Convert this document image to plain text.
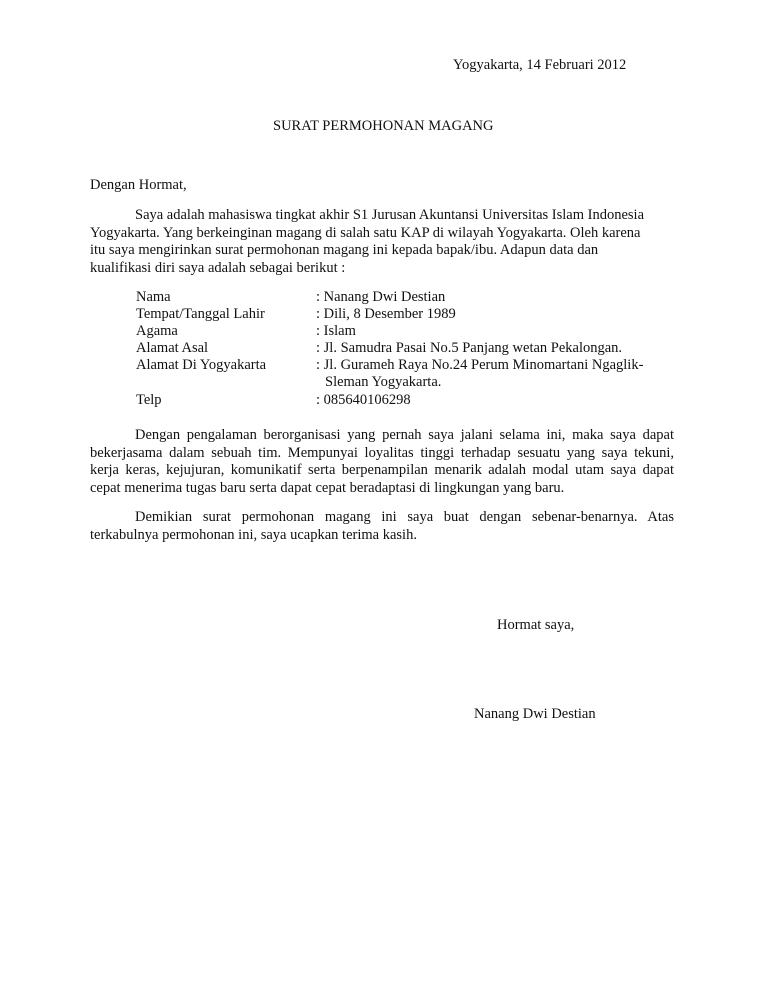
Yogyakarta, 14 Februari 2012
SURAT PERMOHONAN MAGANG
Dengan Hormat,
Saya adalah mahasiswa tingkat akhir S1 Jurusan Akuntansi Universitas Islam Indonesia
Yogyakarta. Yang berkeinginan magang di salah satu KAP di wilayah Yogyakarta. Oleh karena
itu saya mengirinkan surat permohonan magang ini kepada bapak/ibu. Adapun data dan
kualifikasi diri saya adalah sebagai berikut :
Nama	: Nanang Dwi Destian
Tempat/Tanggal Lahir	: Dili, 8 Desember 1989
Agama	: Islam
Alamat Asal	: Jl. Samudra Pasai No.5 Panjang wetan Pekalongan.
Alamat Di Yogyakarta	: Jl. Gurameh Raya No.24 Perum Minomartani Ngaglik-
Sleman Yogyakarta.
Telp	: 085640106298
Dengan pengalaman berorganisasi yang pernah saya jalani selama ini, maka saya dapat
bekerjasama dalam sebuah tim. Mempunyai loyalitas tinggi terhadap sesuatu yang saya tekuni,
kerja keras, kejujuran, komunikatif serta berpenampilan menarik adalah modal utam saya dapat
cepat menerima tugas baru serta dapat cepat beradaptasi di lingkungan yang baru.
Demikian surat permohonan magang ini saya buat dengan sebenar-benarnya. Atas
terkabulnya permohonan ini, saya ucapkan terima kasih.
Hormat saya,
Nanang Dwi Destian
